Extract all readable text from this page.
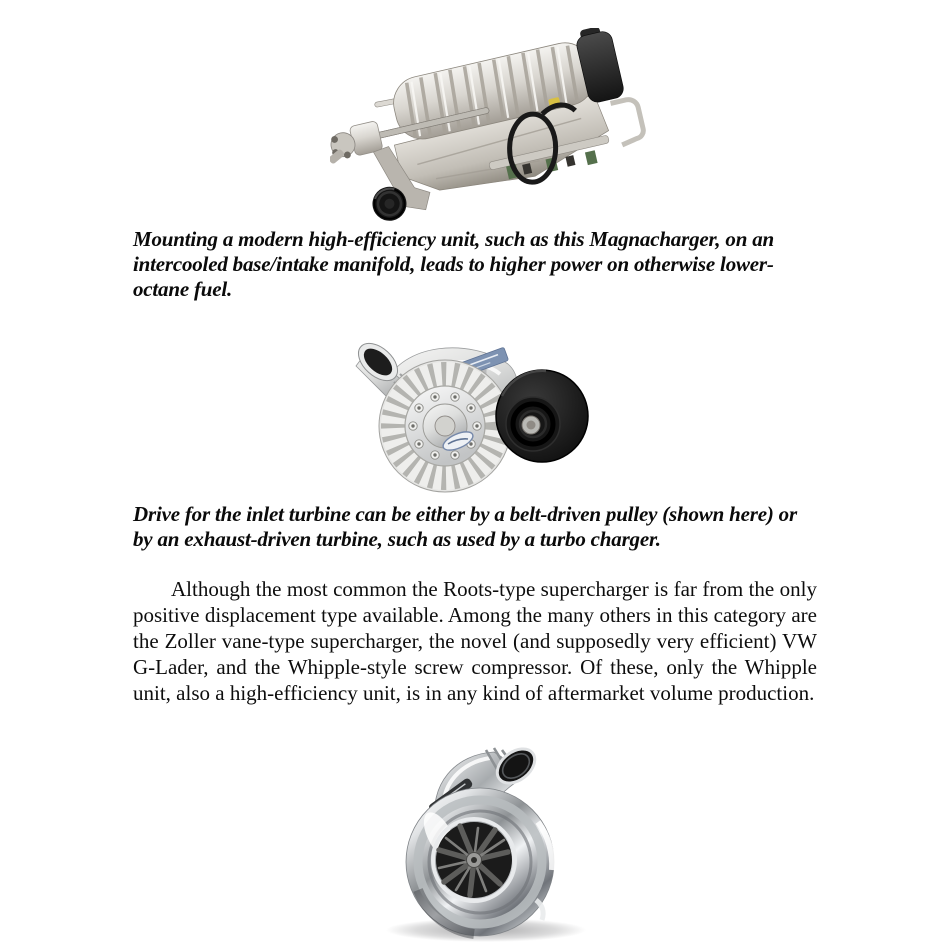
Mounting a modern high-efficiency unit, such as this Magnacharger, on an intercooled base/intake manifold, leads to higher power on otherwise lower-octane fuel.
Drive for the inlet turbine can be either by a belt-driven pulley (shown here) or by an exhaust-driven turbine, such as used by a turbo charger.

Although the most common the Roots-type supercharger is far from the only positive displacement type available. Among the many others in this category are the Zoller vane-type supercharger, the novel (and supposedly very efficient) VW G-Lader, and the Whipple-style screw compressor. Of these, only the Whipple unit, also a high-efficiency unit, is in any kind of aftermarket volume production.
